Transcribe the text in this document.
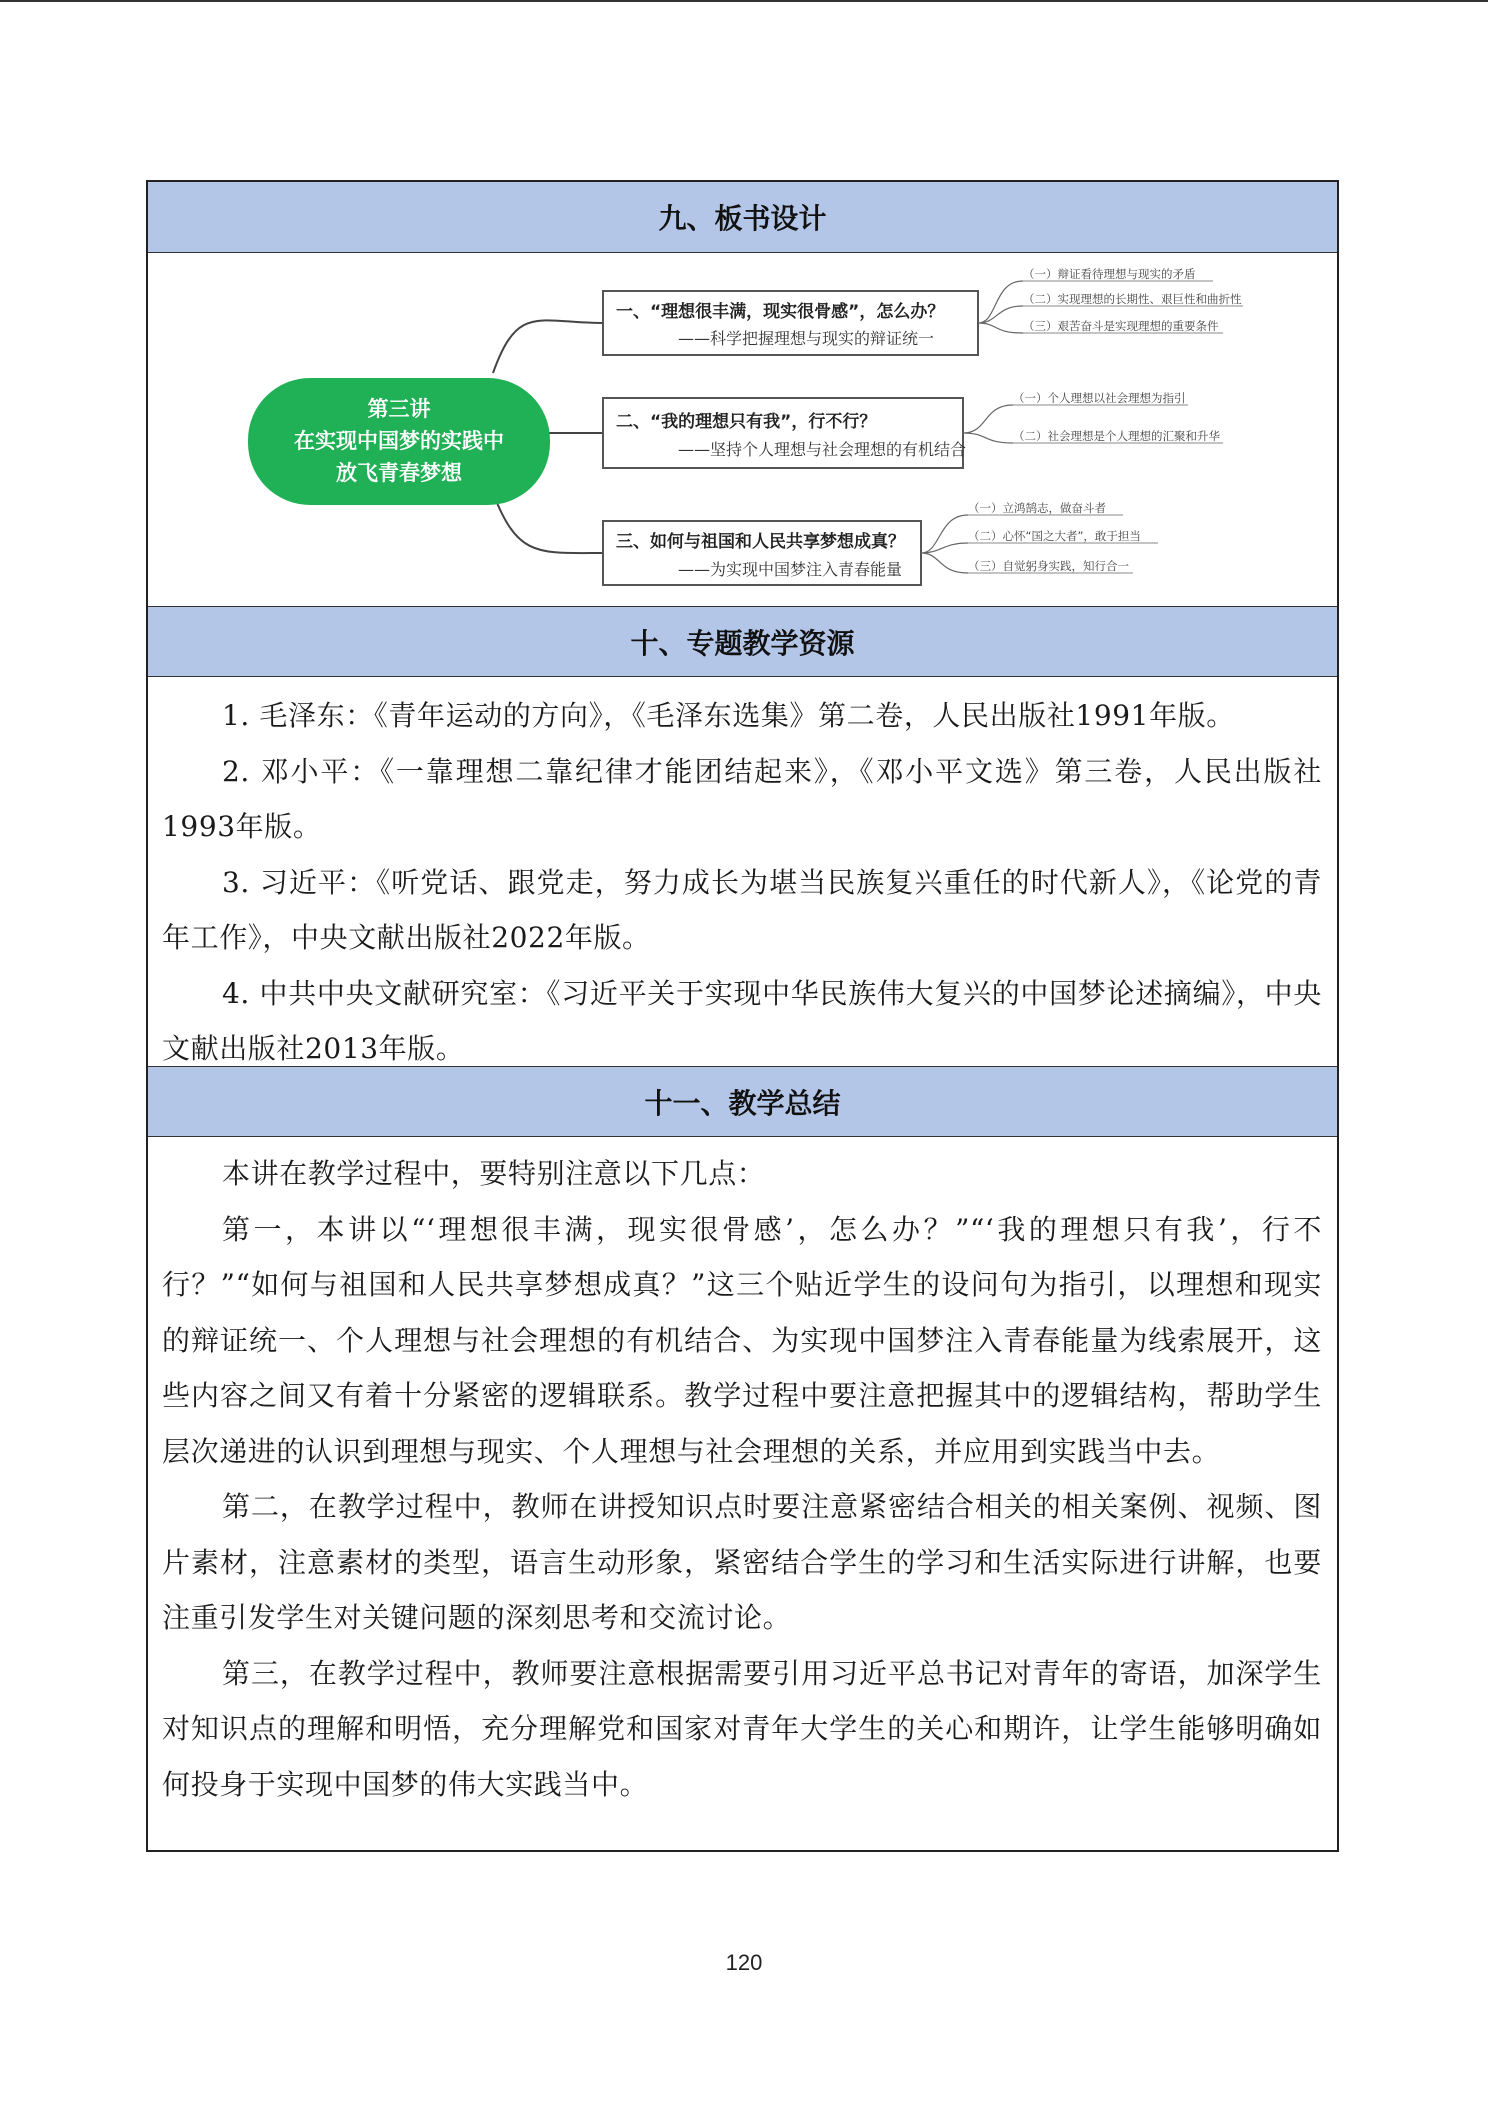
九、板书设计
第三讲
在实现中国梦的实践中
放飞青春梦想
一、“理想很丰满，现实很骨感”，怎么办？
——科学把握理想与现实的辩证统一
（一）辩证看待理想与现实的矛盾
（二）实现理想的长期性、艰巨性和曲折性
（三）艰苦奋斗是实现理想的重要条件
二、“我的理想只有我”，行不行？
——坚持个人理想与社会理想的有机结合
（一）个人理想以社会理想为指引
（二）社会理想是个人理想的汇聚和升华
三、如何与祖国和人民共享梦想成真？
——为实现中国梦注入青春能量
（一）立鸿鹄志，做奋斗者
（二）心怀“国之大者”，敢于担当
（三）自觉躬身实践，知行合一
十、专题教学资源

1. 毛泽东：《青年运动的方向》，《毛泽东选集》第二卷，人民出版社1991年版。

2. 邓小平：《一靠理想二靠纪律才能团结起来》，《邓小平文选》第三卷，人民出版社1993年版。

3. 习近平：《听党话、跟党走，努力成长为堪当民族复兴重任的时代新人》，《论党的青年工作》，中央文献出版社2022年版。

4. 中共中央文献研究室：《习近平关于实现中华民族伟大复兴的中国梦论述摘编》，中央文献出版社2013年版。

十一、教学总结

本讲在教学过程中，要特别注意以下几点：

第一，本讲以“‘理想很丰满，现实很骨感’，怎么办？”“‘我的理想只有我’，行不行？”“如何与祖国和人民共享梦想成真？”这三个贴近学生的设问句为指引，以理想和现实的辩证统一、个人理想与社会理想的有机结合、为实现中国梦注入青春能量为线索展开，这些内容之间又有着十分紧密的逻辑联系。教学过程中要注意把握其中的逻辑结构，帮助学生层次递进的认识到理想与现实、个人理想与社会理想的关系，并应用到实践当中去。

第二，在教学过程中，教师在讲授知识点时要注意紧密结合相关的相关案例、视频、图片素材，注意素材的类型，语言生动形象，紧密结合学生的学习和生活实际进行讲解，也要注重引发学生对关键问题的深刻思考和交流讨论。

第三，在教学过程中，教师要注意根据需要引用习近平总书记对青年的寄语，加深学生对知识点的理解和明悟，充分理解党和国家对青年大学生的关心和期许，让学生能够明确如何投身于实现中国梦的伟大实践当中。

120
